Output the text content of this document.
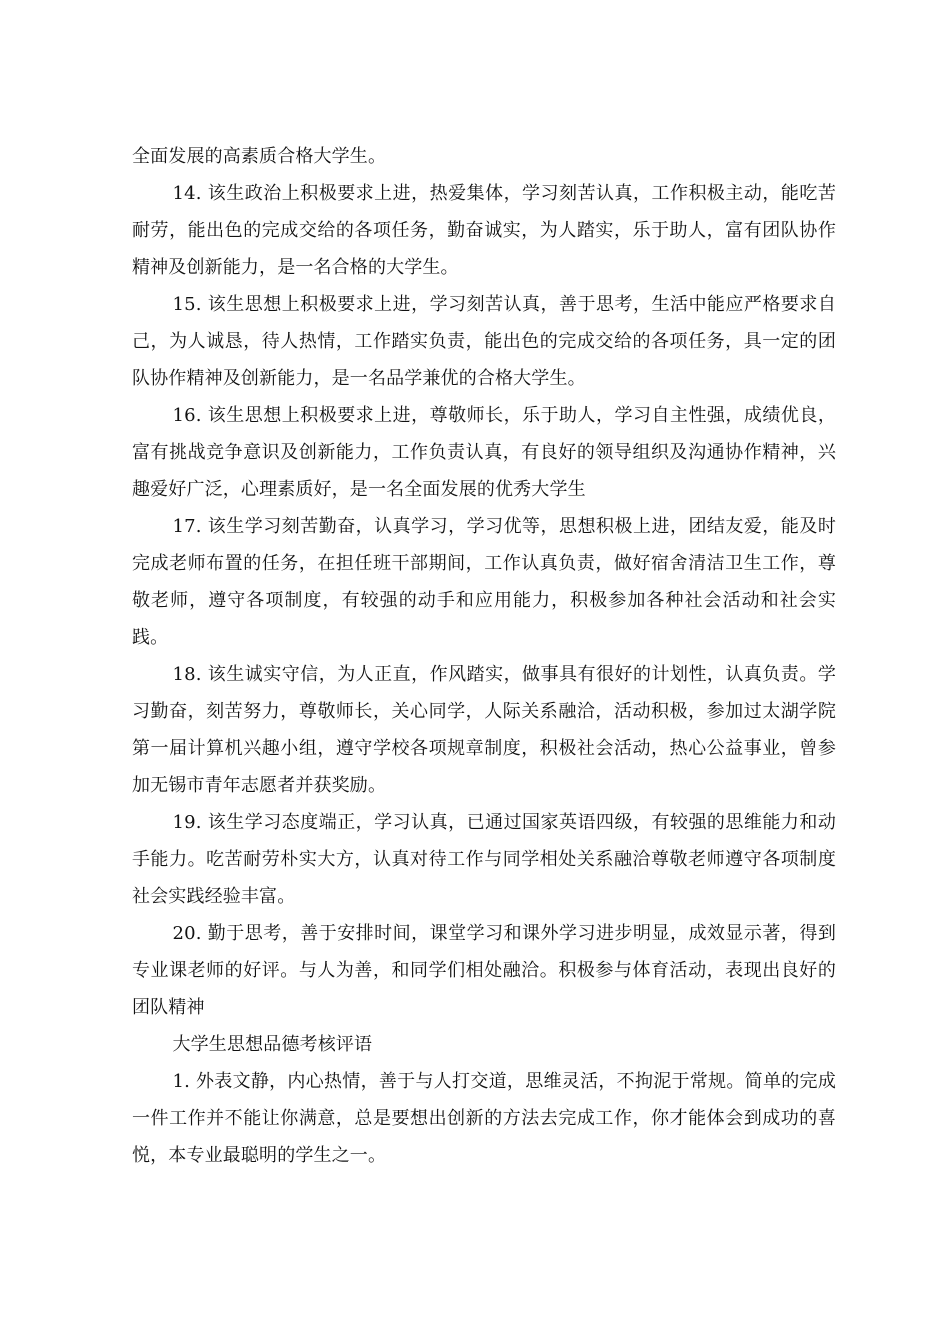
全面发展的高素质合格大学生。

14. 该生政治上积极要求上进，热爱集体，学习刻苦认真，工作积极主动，能吃苦耐劳，能出色的完成交给的各项任务，勤奋诚实，为人踏实，乐于助人，富有团队协作精神及创新能力，是一名合格的大学生。

15. 该生思想上积极要求上进，学习刻苦认真，善于思考，生活中能应严格要求自己，为人诚恳，待人热情，工作踏实负责，能出色的完成交给的各项任务，具一定的团队协作精神及创新能力，是一名品学兼优的合格大学生。

16. 该生思想上积极要求上进，尊敬师长，乐于助人，学习自主性强，成绩优良，富有挑战竞争意识及创新能力，工作负责认真，有良好的领导组织及沟通协作精神，兴趣爱好广泛，心理素质好，是一名全面发展的优秀大学生

17. 该生学习刻苦勤奋，认真学习，学习优等，思想积极上进，团结友爱，能及时完成老师布置的任务，在担任班干部期间，工作认真负责，做好宿舍清洁卫生工作，尊敬老师，遵守各项制度，有较强的动手和应用能力，积极参加各种社会活动和社会实践。

18. 该生诚实守信，为人正直，作风踏实，做事具有很好的计划性，认真负责。学习勤奋，刻苦努力，尊敬师长，关心同学，人际关系融洽，活动积极，参加过太湖学院第一届计算机兴趣小组，遵守学校各项规章制度，积极社会活动，热心公益事业，曾参加无锡市青年志愿者并获奖励。

19. 该生学习态度端正，学习认真，已通过国家英语四级，有较强的思维能力和动手能力。吃苦耐劳朴实大方，认真对待工作与同学相处关系融洽尊敬老师遵守各项制度社会实践经验丰富。

20. 勤于思考，善于安排时间，课堂学习和课外学习进步明显，成效显示著，得到专业课老师的好评。与人为善，和同学们相处融洽。积极参与体育活动，表现出良好的团队精神

大学生思想品德考核评语

1. 外表文静，内心热情，善于与人打交道，思维灵活，不拘泥于常规。简单的完成一件工作并不能让你满意，总是要想出创新的方法去完成工作，你才能体会到成功的喜悦，本专业最聪明的学生之一。
